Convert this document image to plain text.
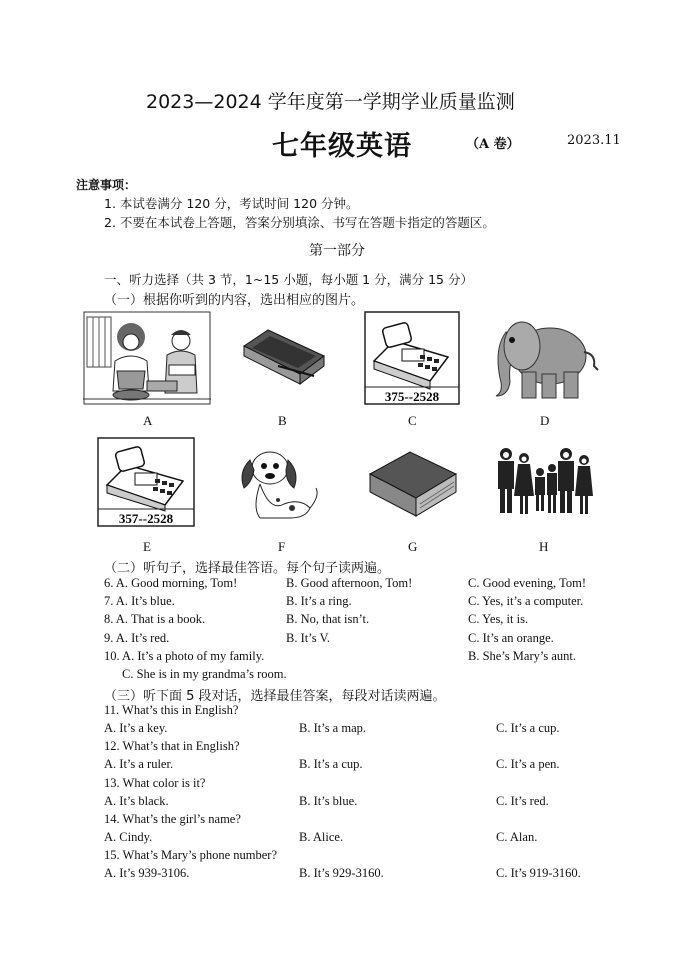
2023—2024 学年度第一学期学业质量监测
七年级英语	（A 卷）	2023.11
注意事项：
1. 本试卷满分 120 分，考试时间 120 分钟。
2. 不要在本试卷上答题，答案分别填涂、书写在答题卡指定的答题区。
第一部分
一、听力选择（共 3 节，1~15 小题，每小题 1 分，满分 15 分）
（一）根据你听到的内容，选出相应的图片。
375--2528
A	B	C	D
357--2528
E	F	G	H
（二）听句子，选择最佳答语。每个句子读两遍。
6. A. Good morning, Tom!	B. Good afternoon, Tom!	C. Good evening, Tom!
7. A. It’s blue.	B. It’s a ring.	C. Yes, it’s a computer.
8. A. That is a book.	B. No, that isn’t.	C. Yes, it is.
9. A. It’s red.	B. It’s V.	C. It’s an orange.
10. A. It’s a photo of my family.	B. She’s Mary’s aunt.
C. She is in my grandma’s room.
（三）听下面 5 段对话，选择最佳答案，每段对话读两遍。
11. What’s this in English?
A. It’s a key.	B. It’s a map.	C. It’s a cup.
12. What’s that in English?
A. It’s a ruler.	B. It’s a cup.	C. It’s a pen.
13. What color is it?
A. It’s black.	B. It’s blue.	C. It’s red.
14. What’s the girl’s name?
A. Cindy.	B. Alice.	C. Alan.
15. What’s Mary’s phone number?
A. It’s 939-3106.	B. It’s 929-3160.	C. It’s 919-3160.
